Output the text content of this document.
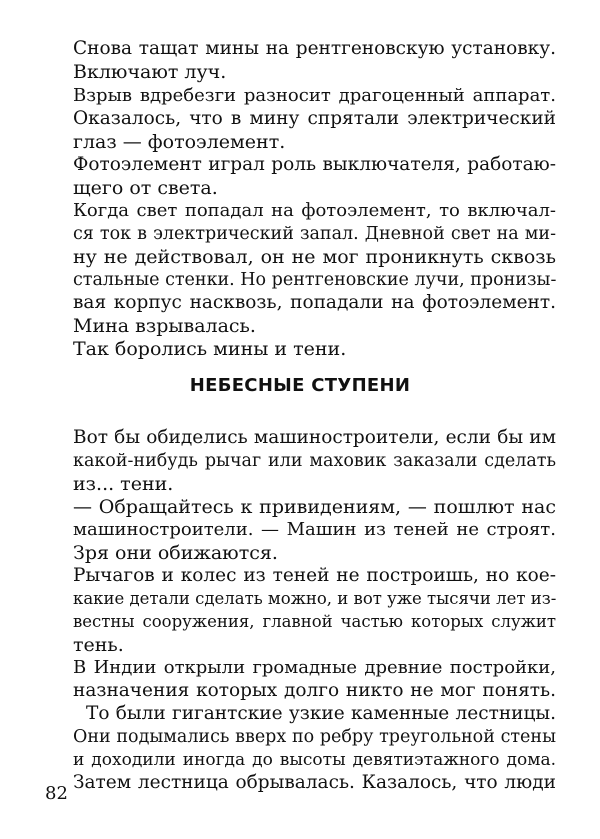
Снова тащат мины на рентгеновскую установку.
Включают луч.
Взрыв вдребезги разносит драгоценный аппарат.
Оказалось, что в мину спрятали электрический
глаз — фотоэлемент.
Фотоэлемент играл роль выключателя, работаю-
щего от света.
Когда свет попадал на фотоэлемент, то включал-
ся ток в электрический запал. Дневной свет на ми-
ну не действовал, он не мог проникнуть сквозь
стальные стенки. Но рентгеновские лучи, пронизы-
вая корпус насквозь, попадали на фотоэлемент.
Мина взрывалась.
Так боролись мины и тени.
НЕБЕСНЫЕ СТУПЕНИ
Вот бы обиделись машиностроители, если бы им
какой-нибудь рычаг или маховик заказали сделать
из... тени.
— Обращайтесь к привидениям, — пошлют нас
машиностроители. — Машин из теней не строят.
Зря они обижаются.
Рычагов и колес из теней не построишь, но кое-
какие детали сделать можно, и вот уже тысячи лет из-
вестны сооружения, главной частью которых служит
тень.
В Индии открыли громадные древние постройки,
назначения которых долго никто не мог понять.
То были гигантские узкие каменные лестницы.
Они подымались вверх по ребру треугольной стены
и доходили иногда до высоты девятиэтажного дома.
Затем лестница обрывалась. Казалось, что люди
82
